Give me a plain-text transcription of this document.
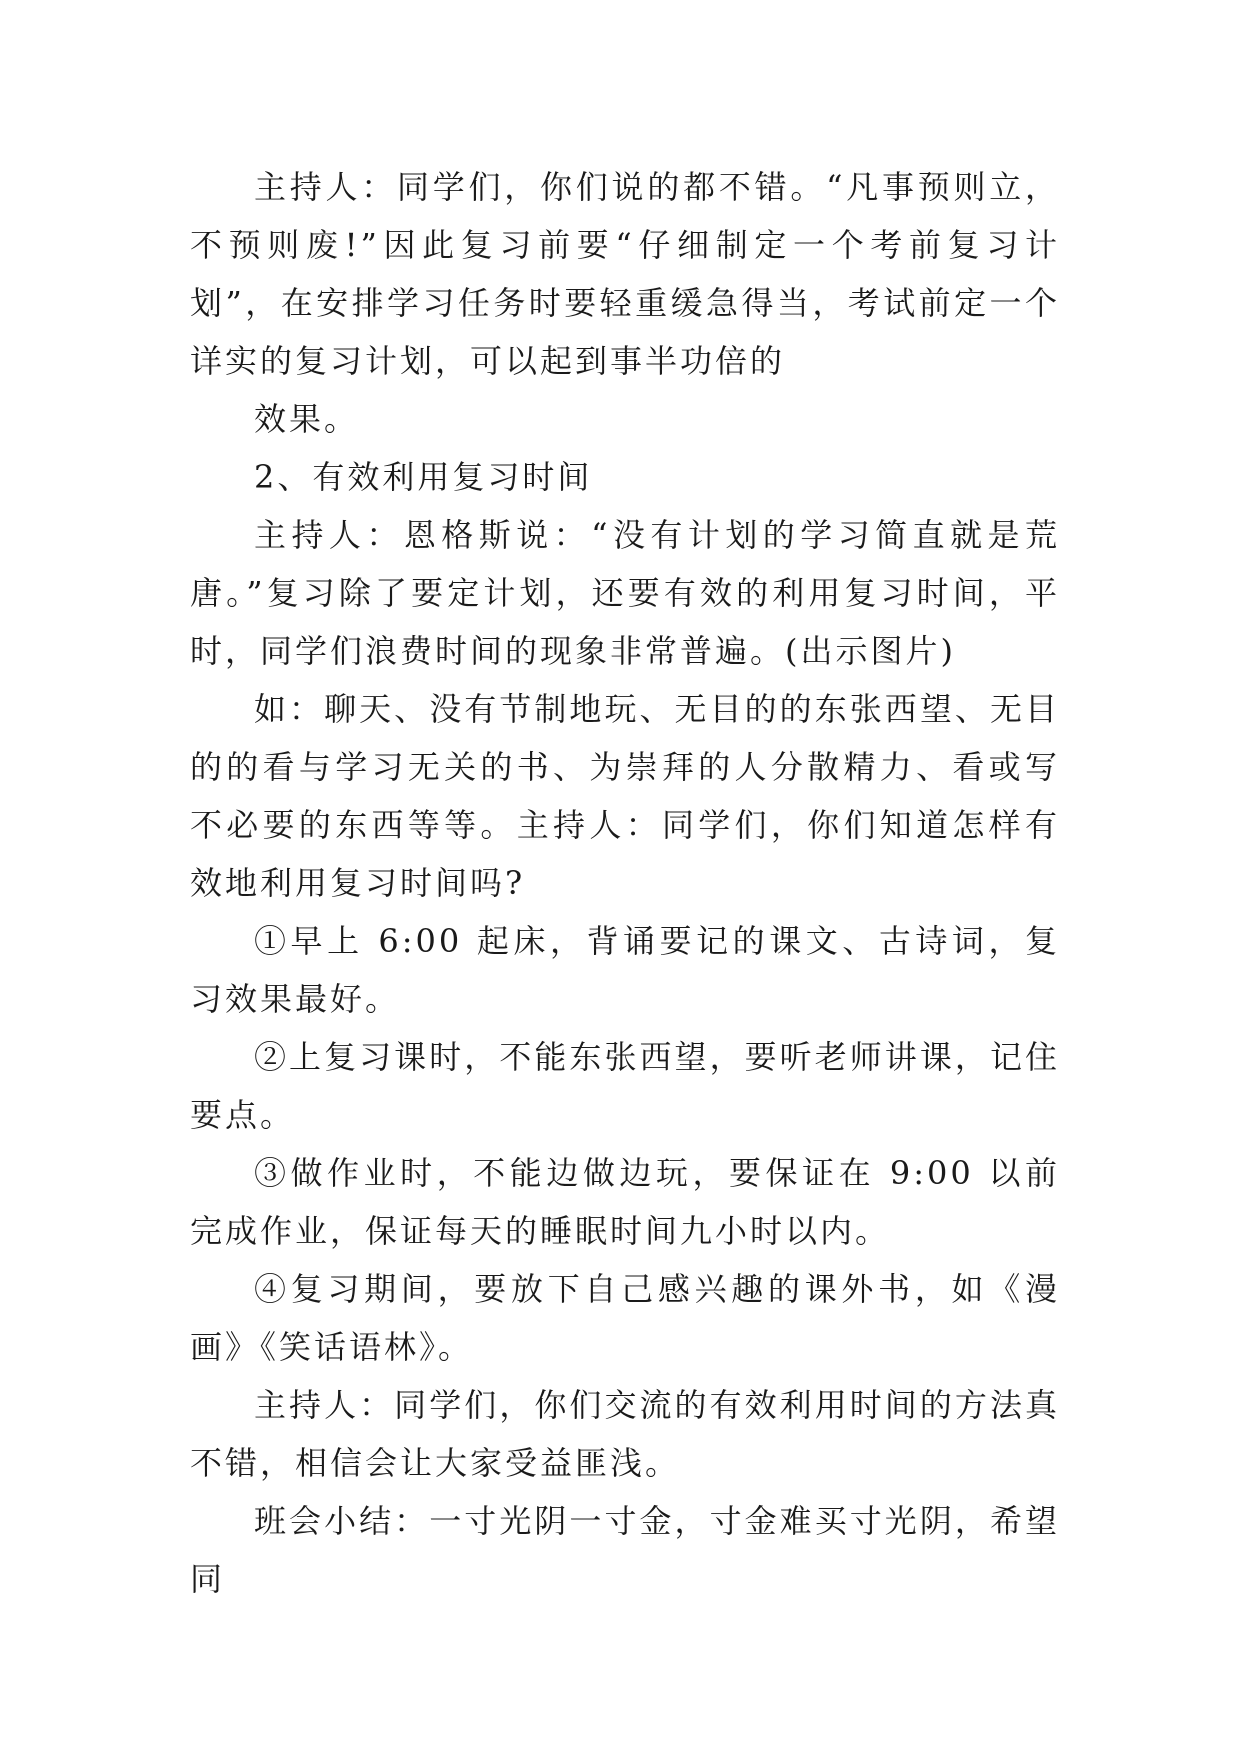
主持人：同学们，你们说的都不错。“凡事预则立，不预则废!”因此复习前要“仔细制定一个考前复习计划”，在安排学习任务时要轻重缓急得当，考试前定一个详实的复习计划，可以起到事半功倍的

效果。

2、有效利用复习时间

主持人：恩格斯说：“没有计划的学习简直就是荒唐。”复习除了要定计划，还要有效的利用复习时间，平时，同学们浪费时间的现象非常普遍。(出示图片)

如：聊天、没有节制地玩、无目的的东张西望、无目的的看与学习无关的书、为崇拜的人分散精力、看或写不必要的东西等等。主持人：同学们，你们知道怎样有效地利用复习时间吗?

①早上 6:00 起床，背诵要记的课文、古诗词，复习效果最好。

②上复习课时，不能东张西望，要听老师讲课，记住要点。

③做作业时，不能边做边玩，要保证在 9:00 以前完成作业，保证每天的睡眠时间九小时以内。

④复习期间，要放下自己感兴趣的课外书，如《漫画》《笑话语林》。

主持人：同学们，你们交流的有效利用时间的方法真不错，相信会让大家受益匪浅。

班会小结：一寸光阴一寸金，寸金难买寸光阴，希望同
